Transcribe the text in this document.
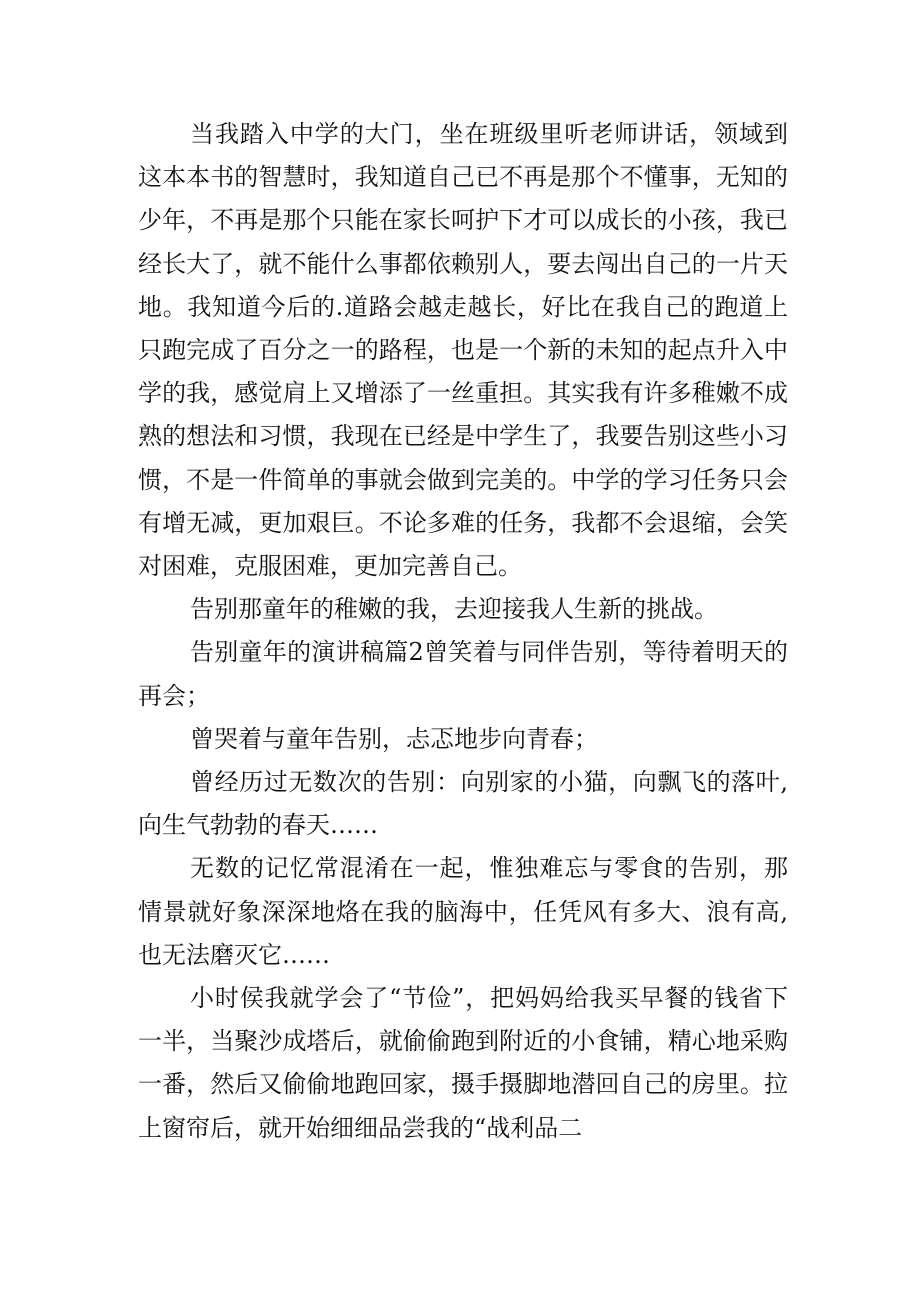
当我踏入中学的大门，坐在班级里听老师讲话，领域到这本本书的智慧时，我知道自己已不再是那个不懂事，无知的少年，不再是那个只能在家长呵护下才可以成长的小孩，我已经长大了，就不能什么事都依赖别人，要去闯出自己的一片天地。我知道今后的.道路会越走越长，好比在我自己的跑道上只跑完成了百分之一的路程，也是一个新的未知的起点升入中学的我，感觉肩上又增添了一丝重担。其实我有许多稚嫩不成熟的想法和习惯，我现在已经是中学生了，我要告别这些小习惯，不是一件简单的事就会做到完美的。中学的学习任务只会有增无减，更加艰巨。不论多难的任务，我都不会退缩，会笑对困难，克服困难，更加完善自己。

告别那童年的稚嫩的我，去迎接我人生新的挑战。

告别童年的演讲稿篇2曾笑着与同伴告别，等待着明天的再会；

曾哭着与童年告别，忐忑地步向青春；

曾经历过无数次的告别：向别家的小猫，向飘飞的落叶,向生气勃勃的春天……

无数的记忆常混淆在一起，惟独难忘与零食的告别，那情景就好象深深地烙在我的脑海中，任凭风有多大、浪有高,也无法磨灭它……

小时侯我就学会了“节俭”，把妈妈给我买早餐的钱省下一半，当聚沙成塔后，就偷偷跑到附近的小食铺，精心地采购一番，然后又偷偷地跑回家，摄手摄脚地潜回自己的房里。拉上窗帘后，就开始细细品尝我的“战利品二
